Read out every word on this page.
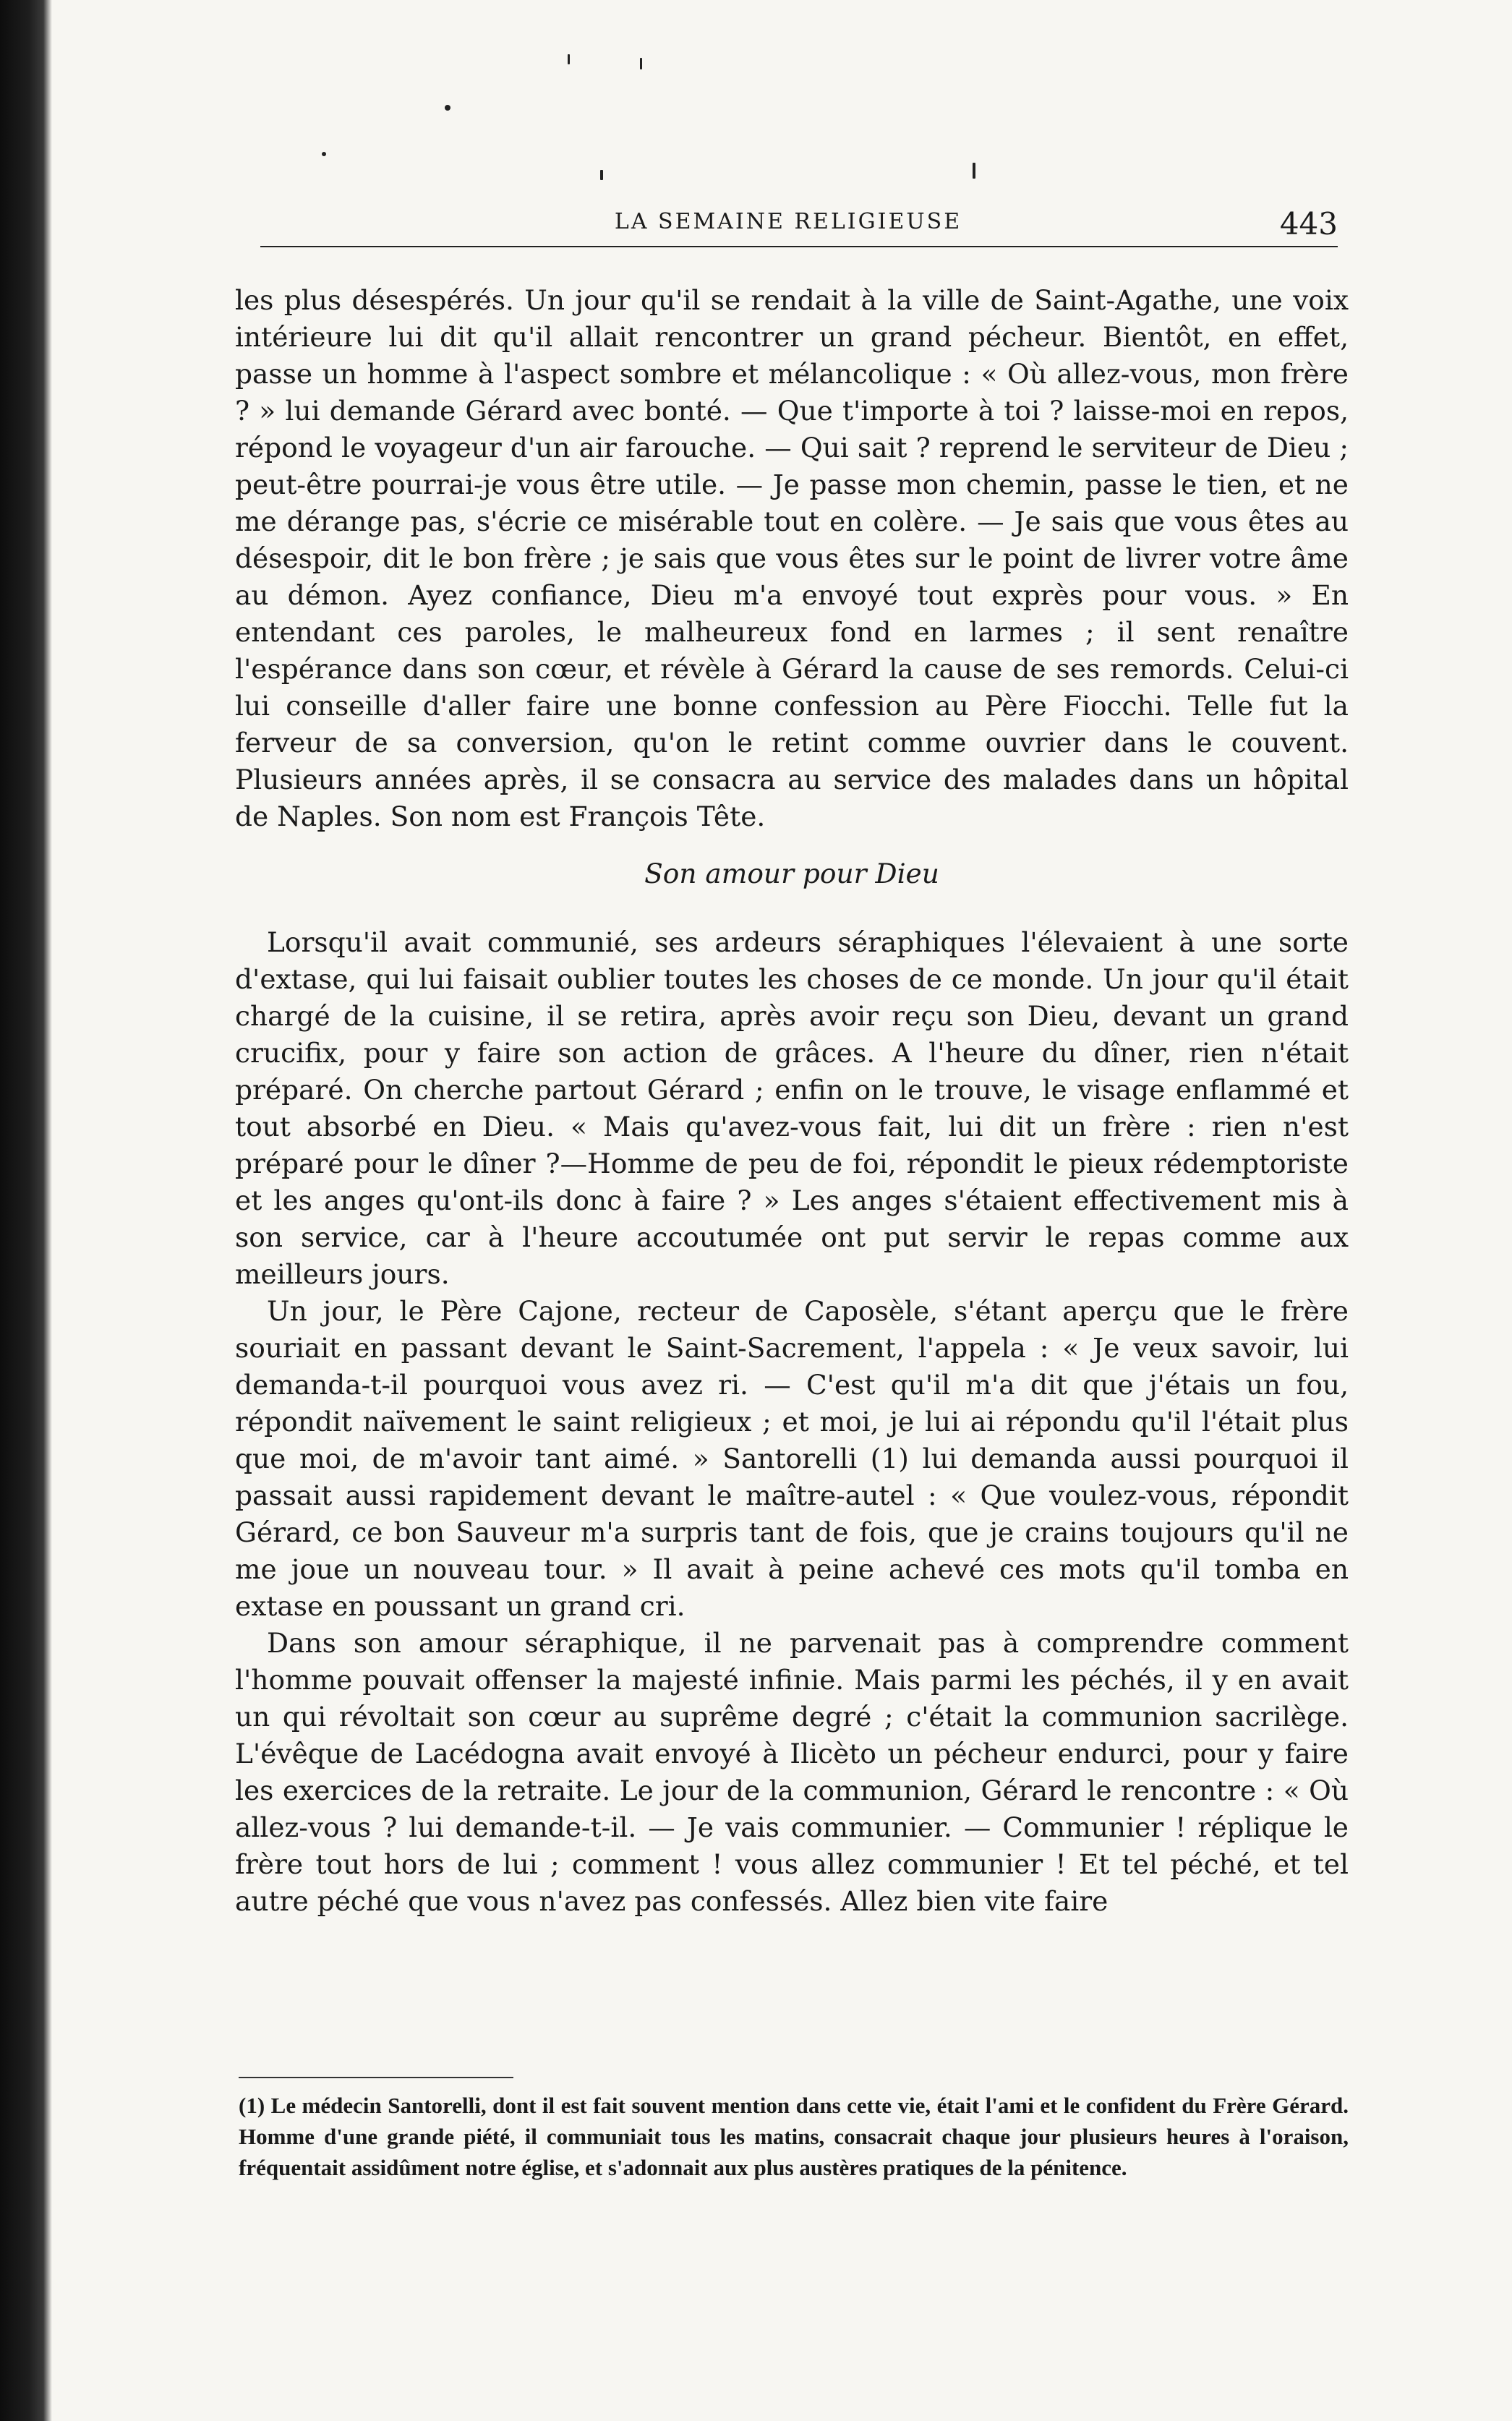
LA SEMAINE RELIGIEUSE	443

les plus désespérés. Un jour qu'il se rendait à la ville de Saint-Agathe, une voix intérieure lui dit qu'il allait rencontrer un grand pécheur. Bientôt, en effet, passe un homme à l'aspect sombre et mélancolique : « Où allez-vous, mon frère ? » lui demande Gérard avec bonté. — Que t'importe à toi ? laisse-moi en repos, répond le voyageur d'un air farouche. — Qui sait ? reprend le serviteur de Dieu ; peut-être pourrai-je vous être utile. — Je passe mon chemin, passe le tien, et ne me dérange pas, s'écrie ce misérable tout en colère. — Je sais que vous êtes au désespoir, dit le bon frère ; je sais que vous êtes sur le point de livrer votre âme au démon. Ayez confiance, Dieu m'a envoyé tout exprès pour vous. » En entendant ces paroles, le malheureux fond en larmes ; il sent renaître l'espérance dans son cœur, et révèle à Gérard la cause de ses remords. Celui-ci lui conseille d'aller faire une bonne confession au Père Fiocchi. Telle fut la ferveur de sa conversion, qu'on le retint comme ouvrier dans le couvent. Plusieurs années après, il se consacra au service des malades dans un hôpital de Naples. Son nom est François Tête.

Son amour pour Dieu

Lorsqu'il avait communié, ses ardeurs séraphiques l'élevaient à une sorte d'extase, qui lui faisait oublier toutes les choses de ce monde. Un jour qu'il était chargé de la cuisine, il se retira, après avoir reçu son Dieu, devant un grand crucifix, pour y faire son action de grâces. A l'heure du dîner, rien n'était préparé. On cherche partout Gérard ; enfin on le trouve, le visage enflammé et tout absorbé en Dieu. « Mais qu'avez-vous fait, lui dit un frère : rien n'est préparé pour le dîner ?—Homme de peu de foi, répondit le pieux rédemptoriste et les anges qu'ont-ils donc à faire ? » Les anges s'étaient effectivement mis à son service, car à l'heure accoutumée ont put servir le repas comme aux meilleurs jours.

Un jour, le Père Cajone, recteur de Caposèle, s'étant aperçu que le frère souriait en passant devant le Saint-Sacrement, l'appela : « Je veux savoir, lui demanda-t-il pourquoi vous avez ri. — C'est qu'il m'a dit que j'étais un fou, répondit naïvement le saint religieux ; et moi, je lui ai répondu qu'il l'était plus que moi, de m'avoir tant aimé. » Santorelli (1) lui demanda aussi pourquoi il passait aussi rapidement devant le maître-autel : « Que voulez-vous, répondit Gérard, ce bon Sauveur m'a surpris tant de fois, que je crains toujours qu'il ne me joue un nouveau tour. » Il avait à peine achevé ces mots qu'il tomba en extase en poussant un grand cri.

Dans son amour séraphique, il ne parvenait pas à comprendre comment l'homme pouvait offenser la majesté infinie. Mais parmi les péchés, il y en avait un qui révoltait son cœur au suprême degré ; c'était la communion sacrilège. L'évêque de Lacédogna avait envoyé à Ilicèto un pécheur endurci, pour y faire les exercices de la retraite. Le jour de la communion, Gérard le rencontre : « Où allez-vous ? lui demande-t-il. — Je vais communier. — Communier ! réplique le frère tout hors de lui ; comment ! vous allez communier ! Et tel péché, et tel autre péché que vous n'avez pas confessés. Allez bien vite faire

(1) Le médecin Santorelli, dont il est fait souvent mention dans cette vie, était l'ami et le confident du Frère Gérard. Homme d'une grande piété, il communiait tous les matins, consacrait chaque jour plusieurs heures à l'oraison, fréquentait assidûment notre église, et s'adonnait aux plus austères pratiques de la pénitence.
